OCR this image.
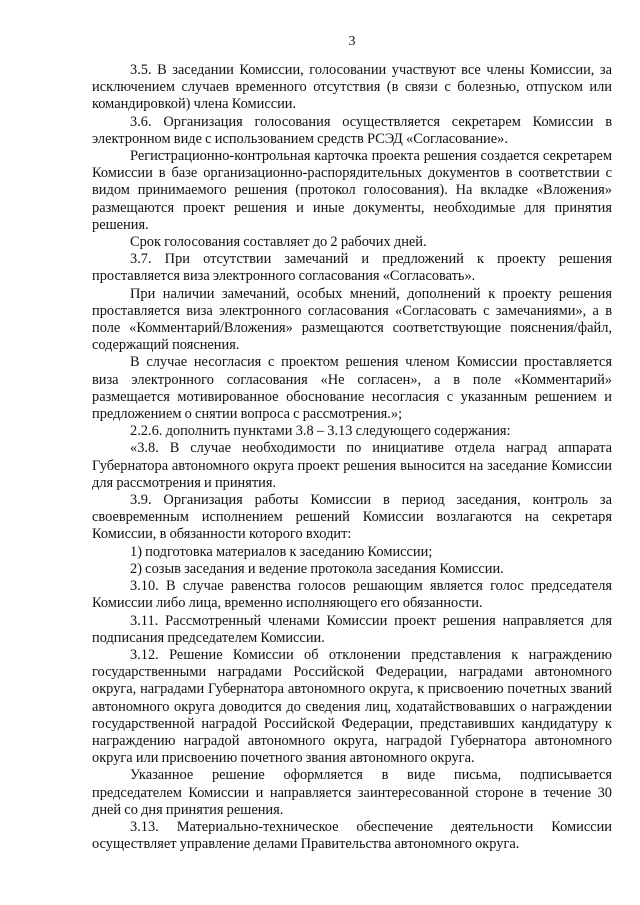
3

3.5. В заседании Комиссии, голосовании участвуют все члены Комиссии, за исключением случаев временного отсутствия (в связи с болезнью, отпуском или командировкой) члена Комиссии.

3.6. Организация голосования осуществляется секретарем Комиссии в электронном виде с использованием средств РСЭД «Согласование».

Регистрационно-контрольная карточка проекта решения создается секретарем Комиссии в базе организационно-распорядительных документов в соответствии с видом принимаемого решения (протокол голосования). На вкладке «Вложения» размещаются проект решения и иные документы, необходимые для принятия решения.

Срок голосования составляет до 2 рабочих дней.

3.7. При отсутствии замечаний и предложений к проекту решения проставляется виза электронного согласования «Согласовать».

При наличии замечаний, особых мнений, дополнений к проекту решения проставляется виза электронного согласования «Согласовать с замечаниями», а в поле «Комментарий/Вложения» размещаются соответствующие пояснения/файл, содержащий пояснения.

В случае несогласия с проектом решения членом Комиссии проставляется виза электронного согласования «Не согласен», а в поле «Комментарий» размещается мотивированное обоснование несогласия с указанным решением и предложением о снятии вопроса с рассмотрения.»;

2.2.6. дополнить пунктами 3.8 – 3.13 следующего содержания:

«3.8. В случае необходимости по инициативе отдела наград аппарата Губернатора автономного округа проект решения выносится на заседание Комиссии для рассмотрения и принятия.

3.9. Организация работы Комиссии в период заседания, контроль за своевременным исполнением решений Комиссии возлагаются на секретаря Комиссии, в обязанности которого входит:

1) подготовка материалов к заседанию Комиссии;

2) созыв заседания и ведение протокола заседания Комиссии.

3.10. В случае равенства голосов решающим является голос председателя Комиссии либо лица, временно исполняющего его обязанности.

3.11. Рассмотренный членами Комиссии проект решения направляется для подписания председателем Комиссии.

3.12. Решение Комиссии об отклонении представления к награждению государственными наградами Российской Федерации, наградами автономного округа, наградами Губернатора автономного округа, к присвоению почетных званий автономного округа доводится до сведения лиц, ходатайствовавших о награждении государственной наградой Российской Федерации, представивших кандидатуру к награждению наградой автономного округа, наградой Губернатора автономного округа или присвоению почетного звания автономного округа.

Указанное решение оформляется в виде письма, подписывается председателем Комиссии и направляется заинтересованной стороне в течение 30 дней со дня принятия решения.

3.13. Материально-техническое обеспечение деятельности Комиссии осуществляет управление делами Правительства автономного округа.
